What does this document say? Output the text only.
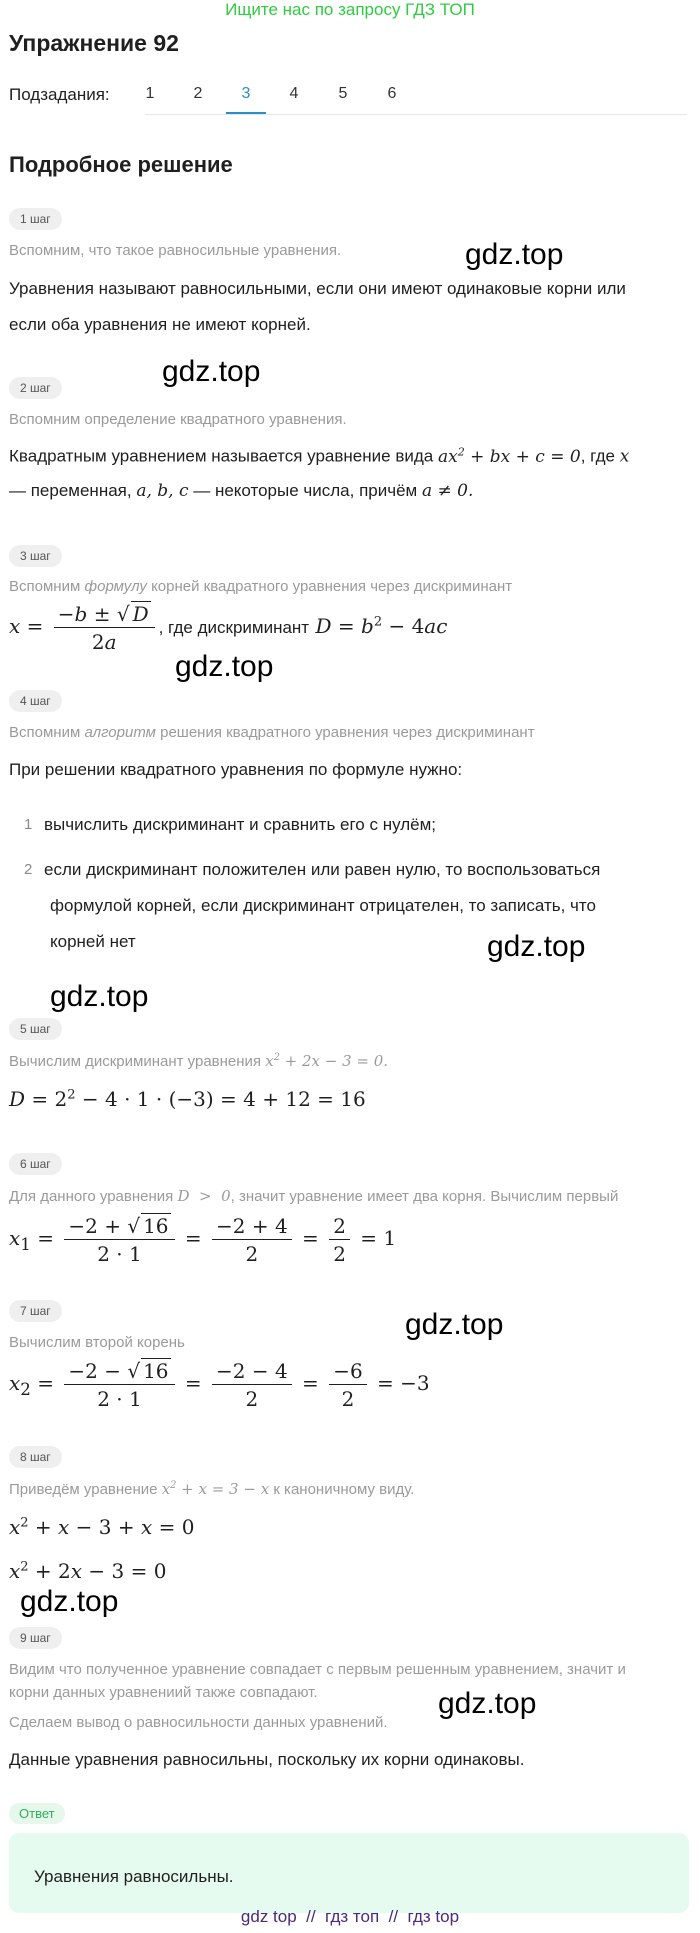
Ищите нас по запросу ГДЗ ТОП
Упражнение 92
Подзадания:	1	2	3	4	5	6
Подробное решение
1 шаг
Вспомним, что такое равносильные уравнения.	gdz.top
Уравнения называют равносильными, если они имеют одинаковые корни или
если оба уравнения не имеют корней.
gdz.top
2 шаг
Вспомним определение квадратного уравнения.
Квадратным уравнением называется уравнение вида $ax^2$ + bx + c = 0, где x
— переменная, a, b, c — некоторые числа, причём a ≠ 0.
3 шаг
Вспомним формулу корней квадратного уравнения через дискриминант
$x = \frac{-b \pm √ D}{2a}$ , где дискриминант $D = b^2 - 4ac$
gdz.top
4 шаг
Вспомним алгоритм решения квадратного уравнения через дискриминант
При решении квадратного уравнения по формуле нужно:
1 вычислить дискриминант и сравнить его с нулём;
2 если дискриминант положителен или равен нулю, то воспользоваться
формулой корней, если дискриминант отрицателен, то записать, что
корней нет	gdz.top
gdz.top
5 шаг
Вычислим дискриминант уравнения $x^2 + 2x - 3 = 0$.
$D = 2^2 - 4 \cdot 1 \cdot (-3) = 4 + 12 = 16$
6 шаг
Для данного уравнения D  >  0, значит уравнение имеет два корня. Вычислим первый
$x_1 = \frac{-2 + √ 16}{2 \cdot 1} = \frac{-2 + 4}{2} = \frac{2}{2} = 1$
7 шаг	gdz.top
Вычислим второй корень
$x_2 = \frac{-2 - √ 16}{2 \cdot 1} = \frac{-2 - 4}{2} = \frac{-6}{2} = -3$
8 шаг
Приведём уравнение $x^2 + x = 3 - x$ к каноничному виду.
$x^2 + x - 3 + x = 0$
$x^2 + 2x - 3 = 0$
gdz.top
9 шаг
Видим что полученное уравнение совпадает с первым решенным уравнением, значит и
корни данных уравнениий также совпадают.
Сделаем вывод о равносильности данных уравнений.
gdz.top
Данные уравнения равносильны, поскольку их корни одинаковы.
Ответ
Уравнения равносильны.
gdz top // гдз топ // гдз top
